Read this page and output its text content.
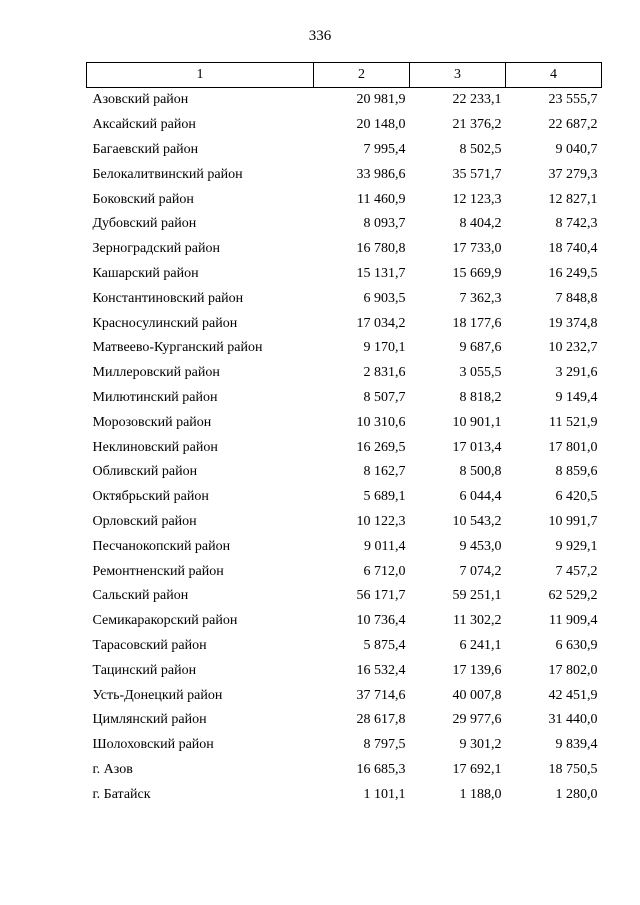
336
1	2	3	4
Азовский район	20 981,9	22 233,1	23 555,7
Аксайский район	20 148,0	21 376,2	22 687,2
Багаевский район	7 995,4	8 502,5	9 040,7
Белокалитвинский район	33 986,6	35 571,7	37 279,3
Боковский район	11 460,9	12 123,3	12 827,1
Дубовский район	8 093,7	8 404,2	8 742,3
Зерноградский район	16 780,8	17 733,0	18 740,4
Кашарский район	15 131,7	15 669,9	16 249,5
Константиновский район	6 903,5	7 362,3	7 848,8
Красносулинский район	17 034,2	18 177,6	19 374,8
Матвеево-Курганский район	9 170,1	9 687,6	10 232,7
Миллеровский район	2 831,6	3 055,5	3 291,6
Милютинский район	8 507,7	8 818,2	9 149,4
Морозовский район	10 310,6	10 901,1	11 521,9
Неклиновский район	16 269,5	17 013,4	17 801,0
Обливский район	8 162,7	8 500,8	8 859,6
Октябрьский район	5 689,1	6 044,4	6 420,5
Орловский район	10 122,3	10 543,2	10 991,7
Песчанокопский район	9 011,4	9 453,0	9 929,1
Ремонтненский район	6 712,0	7 074,2	7 457,2
Сальский район	56 171,7	59 251,1	62 529,2
Семикаракорский район	10 736,4	11 302,2	11 909,4
Тарасовский район	5 875,4	6 241,1	6 630,9
Тацинский район	16 532,4	17 139,6	17 802,0
Усть-Донецкий район	37 714,6	40 007,8	42 451,9
Цимлянский район	28 617,8	29 977,6	31 440,0
Шолоховский район	8 797,5	9 301,2	9 839,4
г. Азов	16 685,3	17 692,1	18 750,5
г. Батайск	1 101,1	1 188,0	1 280,0
